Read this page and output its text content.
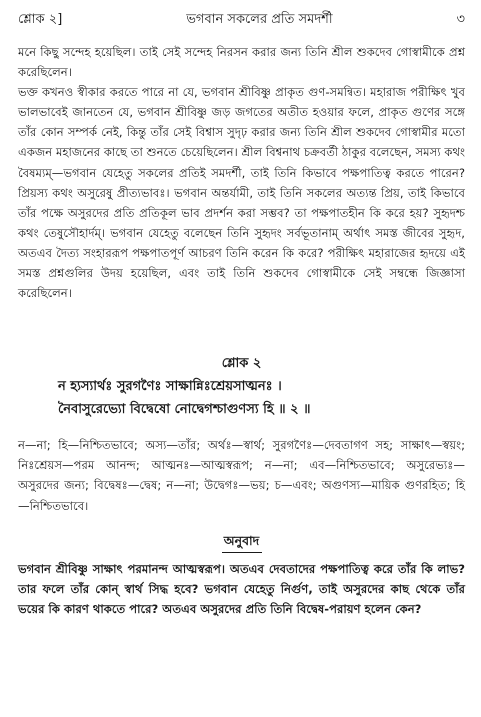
শ্লোক ২]	ভগবান সকলের প্রতি সমদর্শী	৩

মনে কিছু সন্দেহ হয়েছিল। তাই সেই সন্দেহ নিরসন করার জন্য তিনি শ্রীল শুকদেব গোস্বামীকে প্রশ্ন করেছিলেন।

ভক্ত কখনও স্বীকার করতে পারে না যে, ভগবান শ্রীবিষ্ণু প্রাকৃত গুণ-সমন্বিত। মহারাজ পরীক্ষিৎ খুব ভালভাবেই জানতেন যে, ভগবান শ্রীবিষ্ণু জড় জগতের অতীত হওয়ার ফলে, প্রাকৃত গুণের সঙ্গে তাঁর কোন সম্পর্ক নেই, কিন্তু তাঁর সেই বিশ্বাস সুদৃঢ় করার জন্য তিনি শ্রীল শুকদেব গোস্বামীর মতো একজন মহাজনের কাছে তা শুনতে চেয়েছিলেন। শ্রীল বিশ্বনাথ চক্রবর্তী ঠাকুর বলেছেন, সমস্য কথং বৈষম্যম্—ভগবান যেহেতু সকলের প্রতিই সমদর্শী, তাই তিনি কিভাবে পক্ষপাতিত্ব করতে পারেন? প্রিয়স্য কথং অসুরেষু প্রীত্যভাবঃ। ভগবান অন্তর্যামী, তাই তিনি সকলের অত্যন্ত প্রিয়, তাই কিভাবে তাঁর পক্ষে অসুরদের প্রতি প্রতিকূল ভাব প্রদর্শন করা সম্ভব? তা পক্ষপাতহীন কি করে হয়? সুহৃদশ্চ কথং তেষুসৌহার্দম্। ভগবান যেহেতু বলেছেন তিনি সুহৃদং সর্বভূতানাম্ অর্থাৎ সমস্ত জীবের সুহৃদ, অতএব দৈত্য সংহাররূপ পক্ষপাতপূর্ণ আচরণ তিনি করেন কি করে? পরীক্ষিৎ মহারাজের হৃদয়ে এই সমস্ত প্রশ্নগুলির উদয় হয়েছিল, এবং তাই তিনি শুকদেব গোস্বামীকে সেই সম্বন্ধে জিজ্ঞাসা করেছিলেন।

শ্লোক ২
ন হ্যস্যার্থঃ সুরগণৈঃ সাক্ষান্নিঃশ্রেয়সাত্মনঃ ।
নৈবাসুরেভ্যো বিদ্বেষো নোদ্বেগশ্চাগুণস্য হি ॥ ২ ॥
ন—না; হি—নিশ্চিতভাবে; অস্য—তাঁর; অর্থঃ—স্বার্থ; সুরগণৈঃ—দেবতাগণ সহ; সাক্ষাৎ—স্বয়ং; নিঃশ্রেয়স—পরম আনন্দ; আত্মনঃ—আত্মস্বরূপ; ন—না; এব—নিশ্চিতভাবে; অসুরেভ্যঃ—অসুরদের জন্য; বিদ্বেষঃ—দ্বেষ; ন—না; উদ্বেগঃ—ভয়; চ—এবং; অগুণস্য—মায়িক গুণরহিত; হি—নিশ্চিতভাবে।
অনুবাদ
ভগবান শ্রীবিষ্ণু সাক্ষাৎ পরমানন্দ আত্মস্বরূপ। অতএব দেবতাদের পক্ষপাতিত্ব করে তাঁর কি লাভ? তার ফলে তাঁর কোন্ স্বার্থ সিদ্ধ হবে? ভগবান যেহেতু নির্গুণ, তাই অসুরদের কাছ থেকে তাঁর ভয়ের কি কারণ থাকতে পারে? অতএব অসুরদের প্রতি তিনি বিদ্বেষ-পরায়ণ হলেন কেন?
